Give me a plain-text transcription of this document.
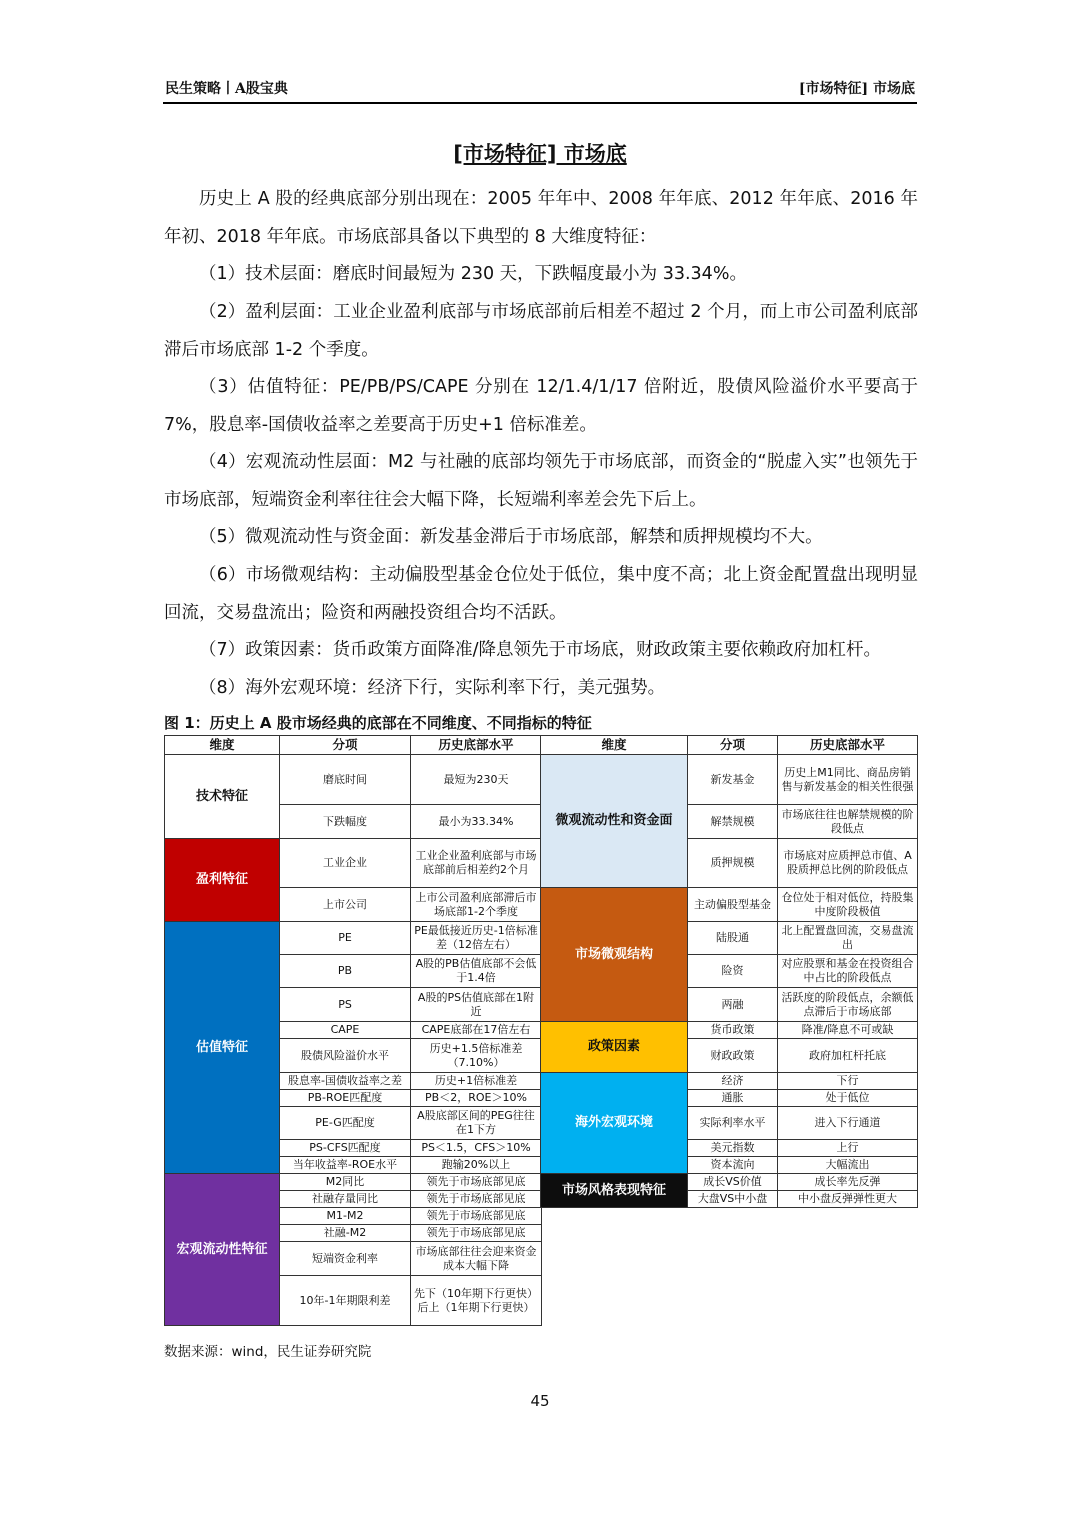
民生策略丨A股宝典	[市场特征] 市场底
[市场特征] 市场底

历史上 A 股的经典底部分别出现在：2005 年年中、2008 年年底、2012 年年底、2016 年年初、2018 年年底。市场底部具备以下典型的 8 大维度特征：

（1）技术层面：磨底时间最短为 230 天，下跌幅度最小为 33.34%。

（2）盈利层面：工业企业盈利底部与市场底部前后相差不超过 2 个月，而上市公司盈利底部滞后市场底部 1-2 个季度。

（3）估值特征：PE/PB/PS/CAPE 分别在 12/1.4/1/17 倍附近，股债风险溢价水平要高于 7%，股息率-国债收益率之差要高于历史+1 倍标准差。

（4）宏观流动性层面：M2 与社融的底部均领先于市场底部，而资金的“脱虚入实”也领先于市场底部，短端资金利率往往会大幅下降，长短端利率差会先下后上。

（5）微观流动性与资金面：新发基金滞后于市场底部，解禁和质押规模均不大。

（6）市场微观结构：主动偏股型基金仓位处于低位，集中度不高；北上资金配置盘出现明显回流，交易盘流出；险资和两融投资组合均不活跃。

（7）政策因素：货币政策方面降准/降息领先于市场底，财政政策主要依赖政府加杠杆。

（8）海外宏观环境：经济下行，实际利率下行，美元强势。

图 1：历史上 A 股市场经典的底部在不同维度、不同指标的特征
维度	分项	历史底部水平
技术特征	磨底时间	最短为230天
	下跌幅度	最小为33.34%
盈利特征	工业企业	工业企业盈利底部与市场底部前后相差约2个月
	上市公司	上市公司盈利底部滞后市场底部1-2个季度
估值特征	PE	PE最低接近历史-1倍标准差（12倍左右）
	PB	A股的PB估值底部不会低于1.4倍
	PS	A股的PS估值底部在1附近
	CAPE	CAPE底部在17倍左右
	股债风险溢价水平	历史+1.5倍标准差（7.10%）
	股息率-国债收益率之差	历史+1倍标准差
	PB-ROE匹配度	PB＜2，ROE＞10%
	PE-G匹配度	A股底部区间的PEG往往在1下方
	PS-CFS匹配度	PS＜1.5，CFS＞10%
	当年收益率-ROE水平	跑输20%以上
宏观流动性特征	M2同比	领先于市场底部见底
	社融存量同比	领先于市场底部见底
	M1-M2	领先于市场底部见底
	社融-M2	领先于市场底部见底
	短端资金利率	市场底部往往会迎来资金成本大幅下降
	10年-1年期限利差	先下（10年期下行更快）后上（1年期下行更快）
维度	分项	历史底部水平
微观流动性和资金面	新发基金	历史上M1同比、商品房销售与新发基金的相关性很强
	解禁规模	市场底往往也解禁规模的阶段低点
	质押规模	市场底对应质押总市值、A股质押总比例的阶段低点
市场微观结构	主动偏股型基金	仓位处于相对低位，持股集中度阶段极值
	陆股通	北上配置盘回流，交易盘流出
	险资	对应股票和基金在投资组合中占比的阶段低点
	两融	活跃度的阶段低点，余额低点滞后于市场底部
政策因素	货币政策	降准/降息不可或缺
	财政政策	政府加杠杆托底
海外宏观环境	经济	下行
	通胀	处于低位
	实际利率水平	进入下行通道
	美元指数	上行
	资本流向	大幅流出
市场风格表现特征	成长VS价值	成长率先反弹
	大盘VS中小盘	中小盘反弹弹性更大
数据来源：wind，民生证券研究院
45
